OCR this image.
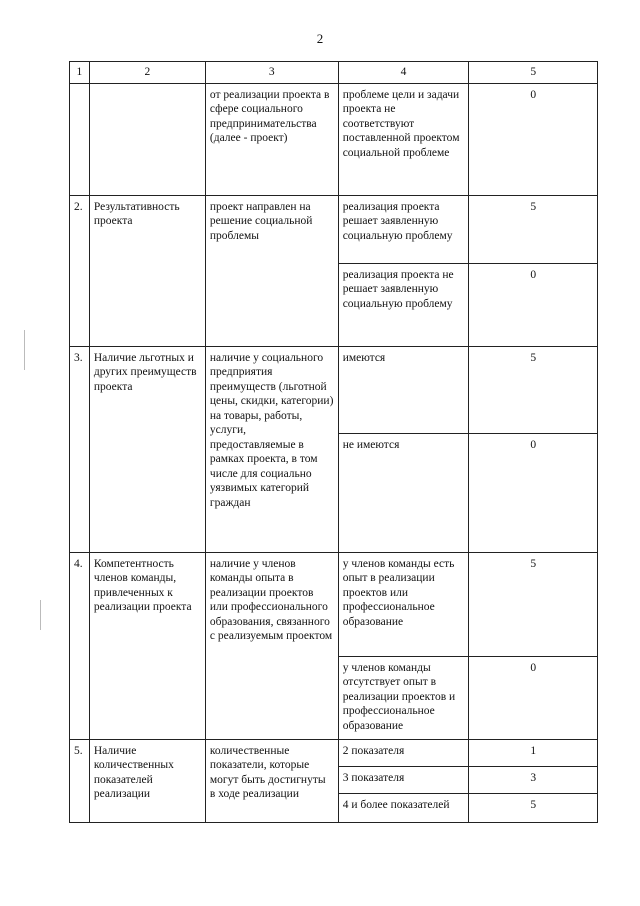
2
1	2	3	4	5
		от реализации проекта в сфере социального предпринимательства (далее - проект)	проблеме цели и задачи проекта не соответствуют поставленной проектом социальной проблеме	0
2.	Результативность проекта	проект направлен на решение социальной проблемы	реализация проекта решает заявленную социальную проблему	5
			реализация проекта не решает заявленную социальную проблему	0
3.	Наличие льготных и других преимуществ проекта	наличие у социального предприятия преимуществ (льготной цены, скидки, категории) на товары, работы, услуги, предоставляемые в рамках проекта, в том числе для социально уязвимых категорий граждан	имеются	5
			не имеются	0
4.	Компетентность членов команды, привлеченных к реализации проекта	наличие у членов команды опыта в реализации проектов или профессионального образования, связанного с реализуемым проектом	у членов команды есть опыт в реализации проектов или профессиональное образование	5
			у членов команды отсутствует опыт в реализации проектов и профессиональное образование	0
5.	Наличие количественных показателей реализации	количественные показатели, которые могут быть достигнуты в ходе реализации	2 показателя	1
			3 показателя	3
			4 и более показателей	5
